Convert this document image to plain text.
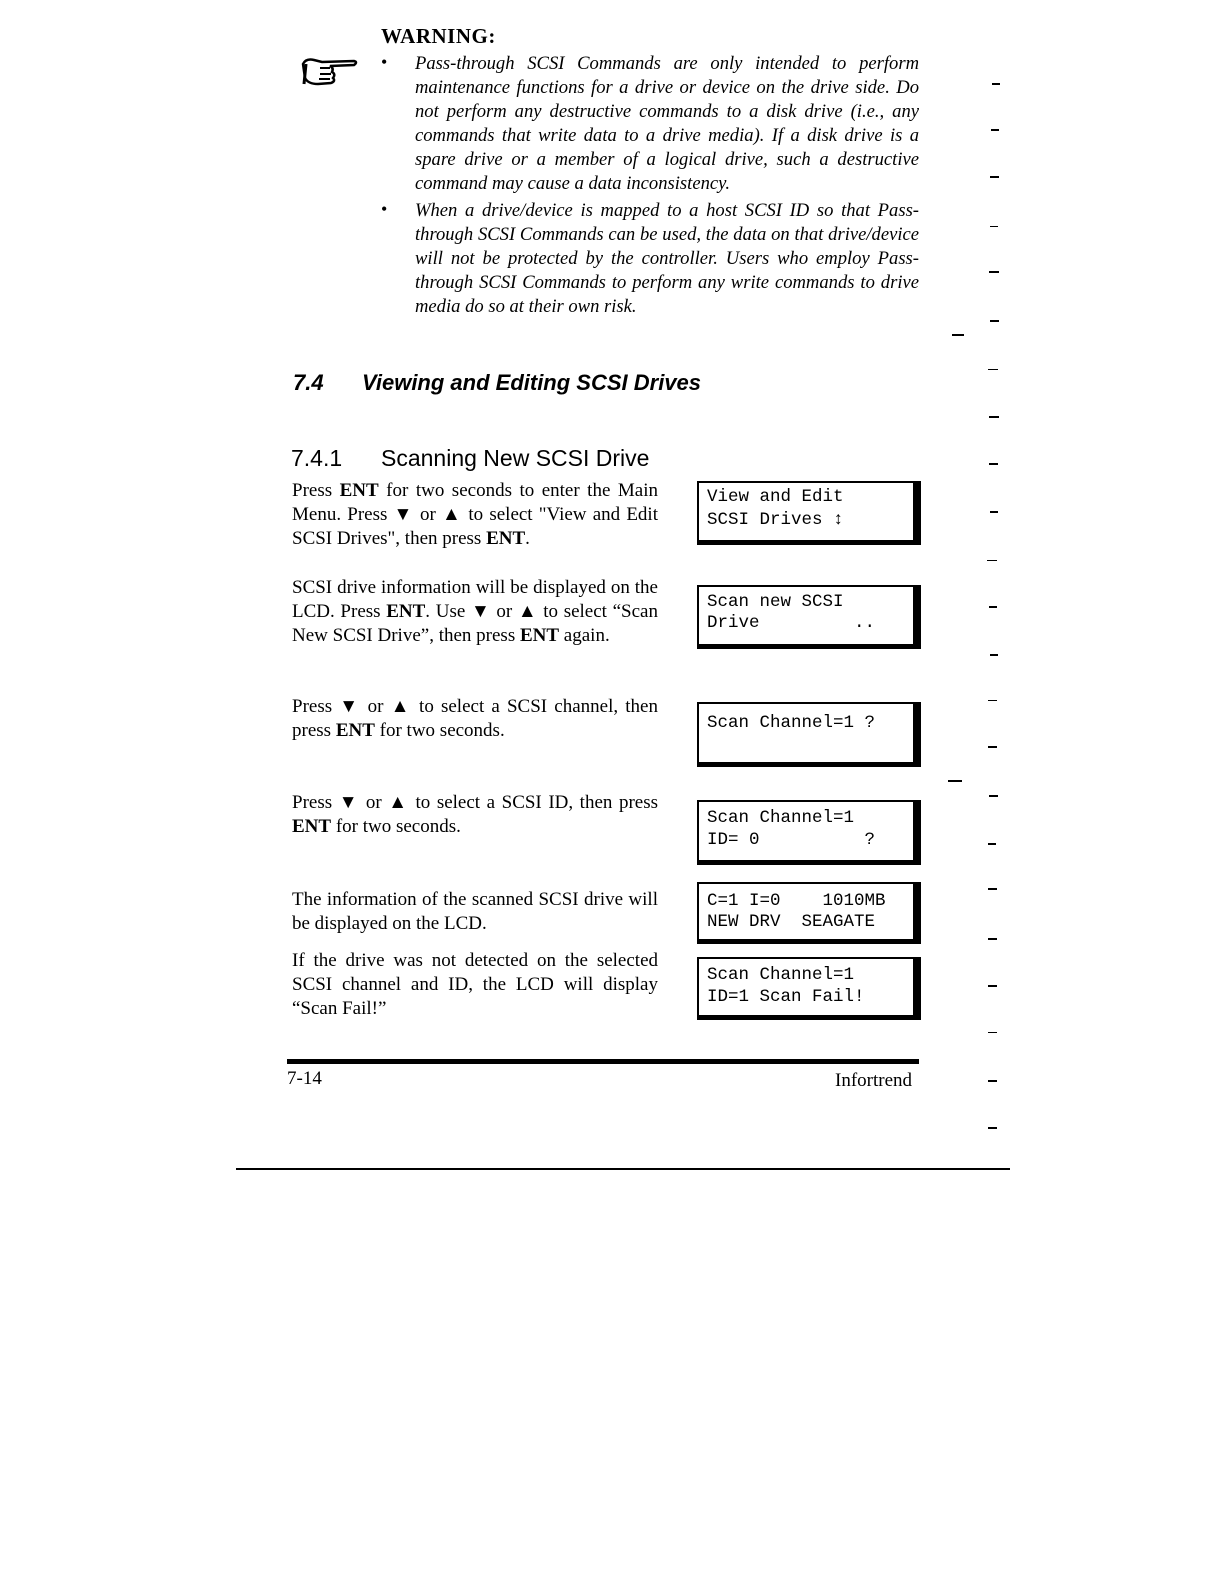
WARNING:
• Pass-through SCSI Commands are only intended to perform maintenance functions for a drive or device on the drive side. Do not perform any destructive commands to a disk drive (i.e., any commands that write data to a drive media). If a disk drive is a spare drive or a member of a logical drive, such a destructive command may cause a data inconsistency.
• When a drive/device is mapped to a host SCSI ID so that Pass-through SCSI Commands can be used, the data on that drive/device will not be protected by the controller. Users who employ Pass-through SCSI Commands to perform any write commands to drive media do so at their own risk.
7.4 Viewing and Editing SCSI Drives
7.4.1 Scanning New SCSI Drive
Press ENT for two seconds to enter the Main Menu. Press ▼ or ▲ to select "View and Edit SCSI Drives", then press ENT.
View and Edit
SCSI Drives ↕
SCSI drive information will be displayed on the LCD. Press ENT. Use ▼ or ▲ to select “Scan New SCSI Drive”, then press ENT again.
Scan new SCSI
Drive         ..
Press ▼ or ▲ to select a SCSI channel, then press ENT for two seconds.	Scan Channel=1 ?
Press ▼ or ▲ to select a SCSI ID, then press ENT for two seconds.	Scan Channel=1
ID= 0          ?
The information of the scanned SCSI drive will be displayed on the LCD.
C=1 I=0    1010MB
NEW DRV  SEAGATE
If the drive was not detected on the selected SCSI channel and ID, the LCD will display “Scan Fail!”
Scan Channel=1
ID=1 Scan Fail!
7-14	Infortrend
